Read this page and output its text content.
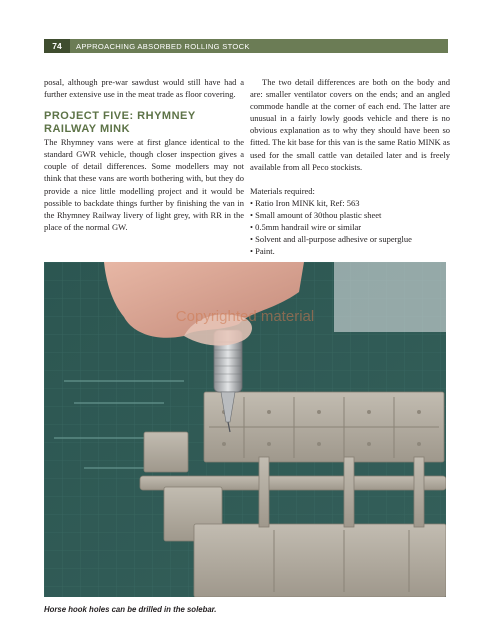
74	APPROACHING ABSORBED ROLLING STOCK

posal, although pre-war sawdust would still have had a further extensive use in the meat trade as floor covering.

PROJECT FIVE: RHYMNEY
RAILWAY MINK

The Rhymney vans were at first glance identical to the standard GWR vehicle, though closer inspection gives a couple of detail differences. Some modellers may not think that these vans are worth bothering with, but they do provide a nice little modelling project and it would be possible to backdate things further by finishing the van in the Rhymney Railway livery of light grey, with RR in the place of the normal GW.

The two detail differences are both on the body and are: smaller ventilator covers on the ends; and an angled commode handle at the corner of each end. The latter are unusual in a fairly lowly goods vehicle and there is no obvious explanation as to why they should have been so fitted. The kit base for this van is the same Ratio MINK as used for the small cattle van detailed later and is freely available from all Peco stockists.

Materials required:

• Ratio Iron MINK kit, Ref: 563
• Small amount of 30thou plastic sheet
• 0.5mm handrail wire or similar
• Solvent and all-purpose adhesive or superglue
• Paint.
Copyrighted material
Horse hook holes can be drilled in the solebar.
